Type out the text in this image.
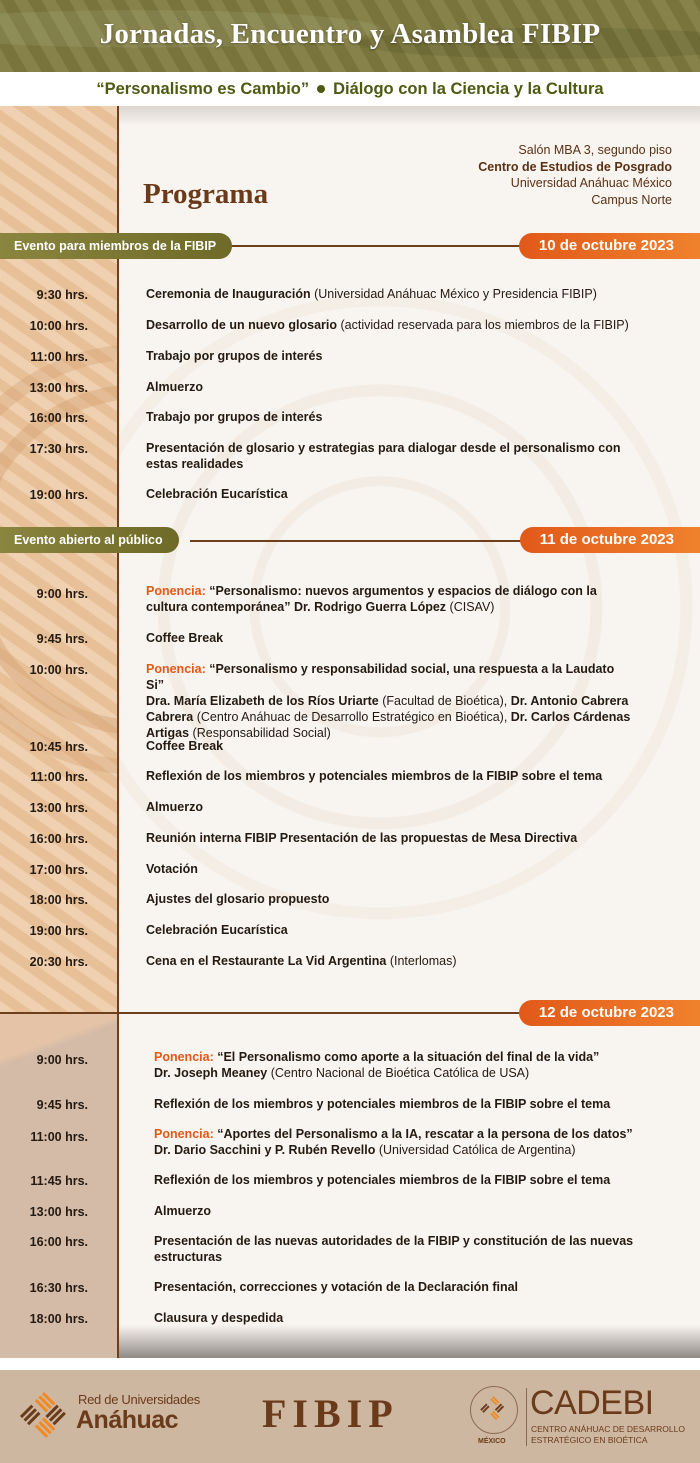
Jornadas, Encuentro y Asamblea FIBIP
“Personalismo es Cambio” Diálogo con la Ciencia y la Cultura
Programa
Salón MBA 3, segundo piso
Centro de Estudios de Posgrado
Universidad Anáhuac México
Campus Norte
Evento para miembros de la FIBIP	10 de octubre 2023
9:30 hrs.	Ceremonia de Inauguración (Universidad Anáhuac México y Presidencia FIBIP)
10:00 hrs.	Desarrollo de un nuevo glosario (actividad reservada para los miembros de la FIBIP)
11:00 hrs.	Trabajo por grupos de interés
13:00 hrs.	Almuerzo
16:00 hrs.	Trabajo por grupos de interés
17:30 hrs.	Presentación de glosario y estrategias para dialogar desde el personalismo con estas realidades
19:00 hrs.	Celebración Eucarística
Evento abierto al público	11 de octubre 2023
9:00 hrs.	Ponencia: “Personalismo: nuevos argumentos y espacios de diálogo con la cultura contemporánea” Dr. Rodrigo Guerra López (CISAV)
9:45 hrs.	Coffee Break
10:00 hrs.	Ponencia: “Personalismo y responsabilidad social, una respuesta a la Laudato Si”
Dra. María Elizabeth de los Ríos Uriarte (Facultad de Bioética), Dr. Antonio Cabrera Cabrera (Centro Anáhuac de Desarrollo Estratégico en Bioética), Dr. Carlos Cárdenas Artigas (Responsabilidad Social)
10:45 hrs.	Coffee Break
11:00 hrs.	Reflexión de los miembros y potenciales miembros de la FIBIP sobre el tema
13:00 hrs.	Almuerzo
16:00 hrs.	Reunión interna FIBIP Presentación de las propuestas de Mesa Directiva
17:00 hrs.	Votación
18:00 hrs.	Ajustes del glosario propuesto
19:00 hrs.	Celebración Eucarística
20:30 hrs.	Cena en el Restaurante La Vid Argentina (Interlomas)
12 de octubre 2023
9:00 hrs.	Ponencia: “El Personalismo como aporte a la situación del final de la vida”
Dr. Joseph Meaney (Centro Nacional de Bioética Católica de USA)
9:45 hrs.	Reflexión de los miembros y potenciales miembros de la FIBIP sobre el tema
11:00 hrs.	Ponencia: “Aportes del Personalismo a la IA, rescatar a la persona de los datos”
Dr. Dario Sacchini y P. Rubén Revello (Universidad Católica de Argentina)
11:45 hrs.	Reflexión de los miembros y potenciales miembros de la FIBIP sobre el tema
13:00 hrs.	Almuerzo
16:00 hrs.	Presentación de las nuevas autoridades de la FIBIP y constitución de las nuevas estructuras
16:30 hrs.	Presentación, correcciones y votación de la Declaración final
18:00 hrs.	Clausura y despedida
Red de Universidades
Anáhuac FIBIP
MÉXICO
CADEBI
CENTRO ANÁHUAC DE DESARROLLO
ESTRATÉGICO EN BIOÉTICA
